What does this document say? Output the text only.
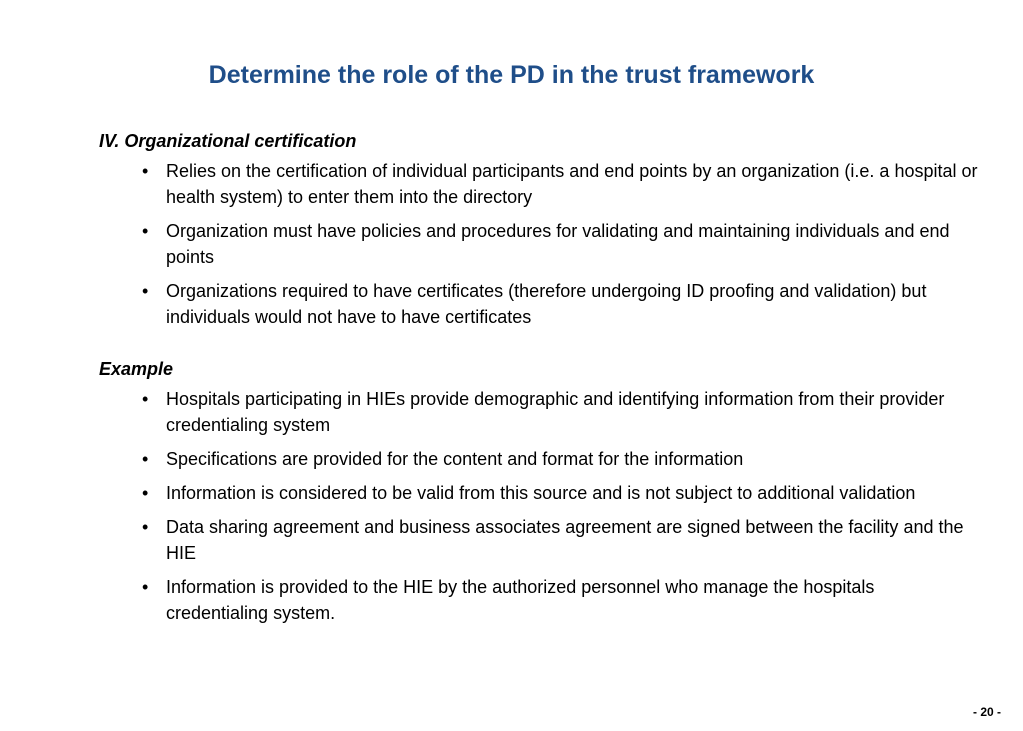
Determine the role of the PD in the trust framework

IV. Organizational certification

• Relies on the certification of individual participants and end points by an organization (i.e. a hospital or health system) to enter them into the directory
• Organization must have policies and procedures for validating and maintaining individuals and end points
• Organizations required to have certificates (therefore undergoing ID proofing and validation) but individuals would not have to have certificates

Example

• Hospitals participating in HIEs provide demographic and identifying information from their provider credentialing system
• Specifications are provided for the content and format for the information
• Information is considered to be valid from this source and is not subject to additional validation
• Data sharing agreement and business associates agreement are signed between the facility and the HIE
• Information is provided to the HIE by the authorized personnel who manage the hospitals credentialing system.
- 20 -
